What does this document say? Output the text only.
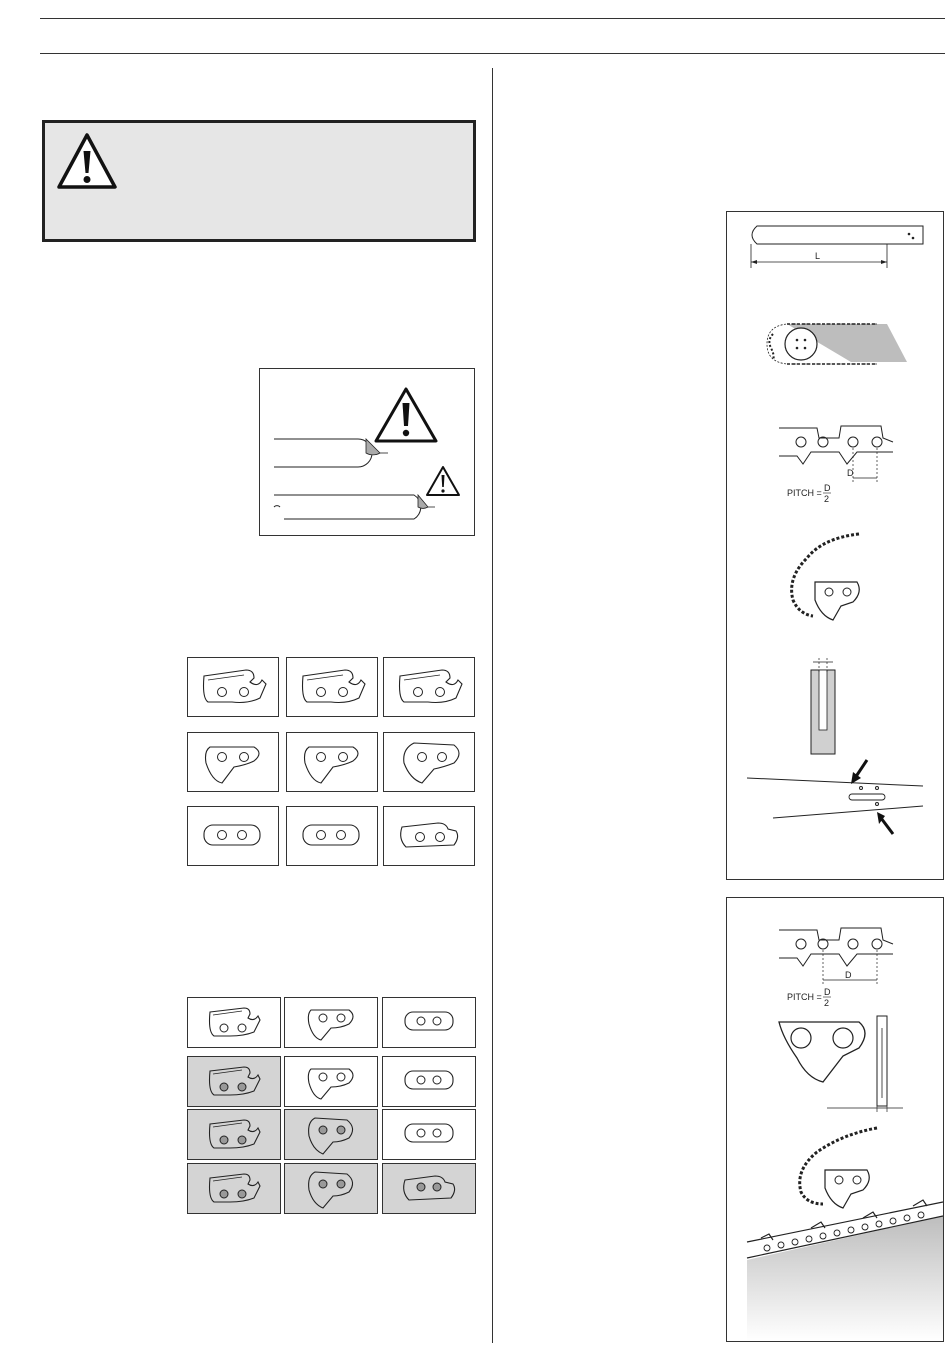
L
D
PITCH = D
2
D
PITCH = D
2
